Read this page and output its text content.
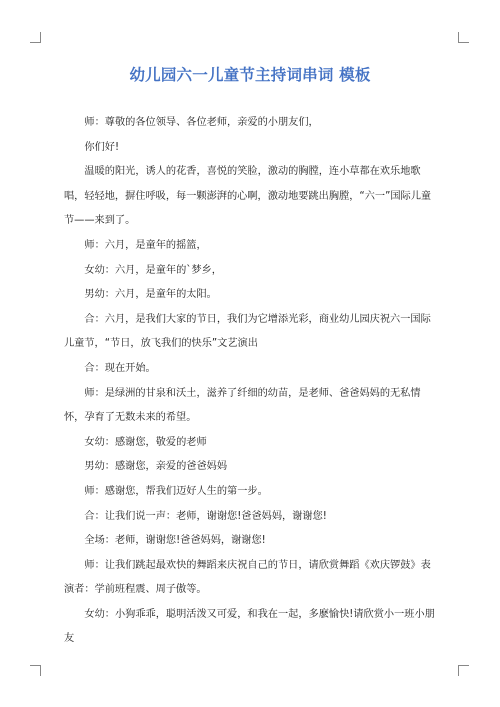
幼儿园六一儿童节主持词串词 模板

师：尊敬的各位领导、各位老师，亲爱的小朋友们，

你们好!

温暖的阳光，诱人的花香，喜悦的笑脸，激动的胸膛，连小草都在欢乐地歌唱，轻轻地，摒住呼吸，每一颗澎湃的心啊，激动地要跳出胸膛，“六一”国际儿童节——来到了。

师：六月，是童年的摇篮，

女幼：六月，是童年的`梦乡，

男幼：六月，是童年的太阳。

合：六月，是我们大家的节日，我们为它增添光彩，商业幼儿园庆祝六一国际儿童节，“节日，放飞我们的快乐”文艺演出

合：现在开始。

师：是绿洲的甘泉和沃土，滋养了纤细的幼苗，是老师、爸爸妈妈的无私情怀，孕育了无数未来的希望。

女幼：感谢您，敬爱的老师

男幼：感谢您，亲爱的爸爸妈妈

师：感谢您，帮我们迈好人生的第一步。

合：让我们说一声：老师，谢谢您!爸爸妈妈，谢谢您!

全场：老师，谢谢您!爸爸妈妈，谢谢您!

师：让我们跳起最欢快的舞蹈来庆祝自己的节日，请欣赏舞蹈《欢庆锣鼓》表演者：学前班程震、周子傲等。

女幼：小狗乖乖，聪明活泼又可爱，和我在一起，多麽愉快!请欣赏小一班小朋友
